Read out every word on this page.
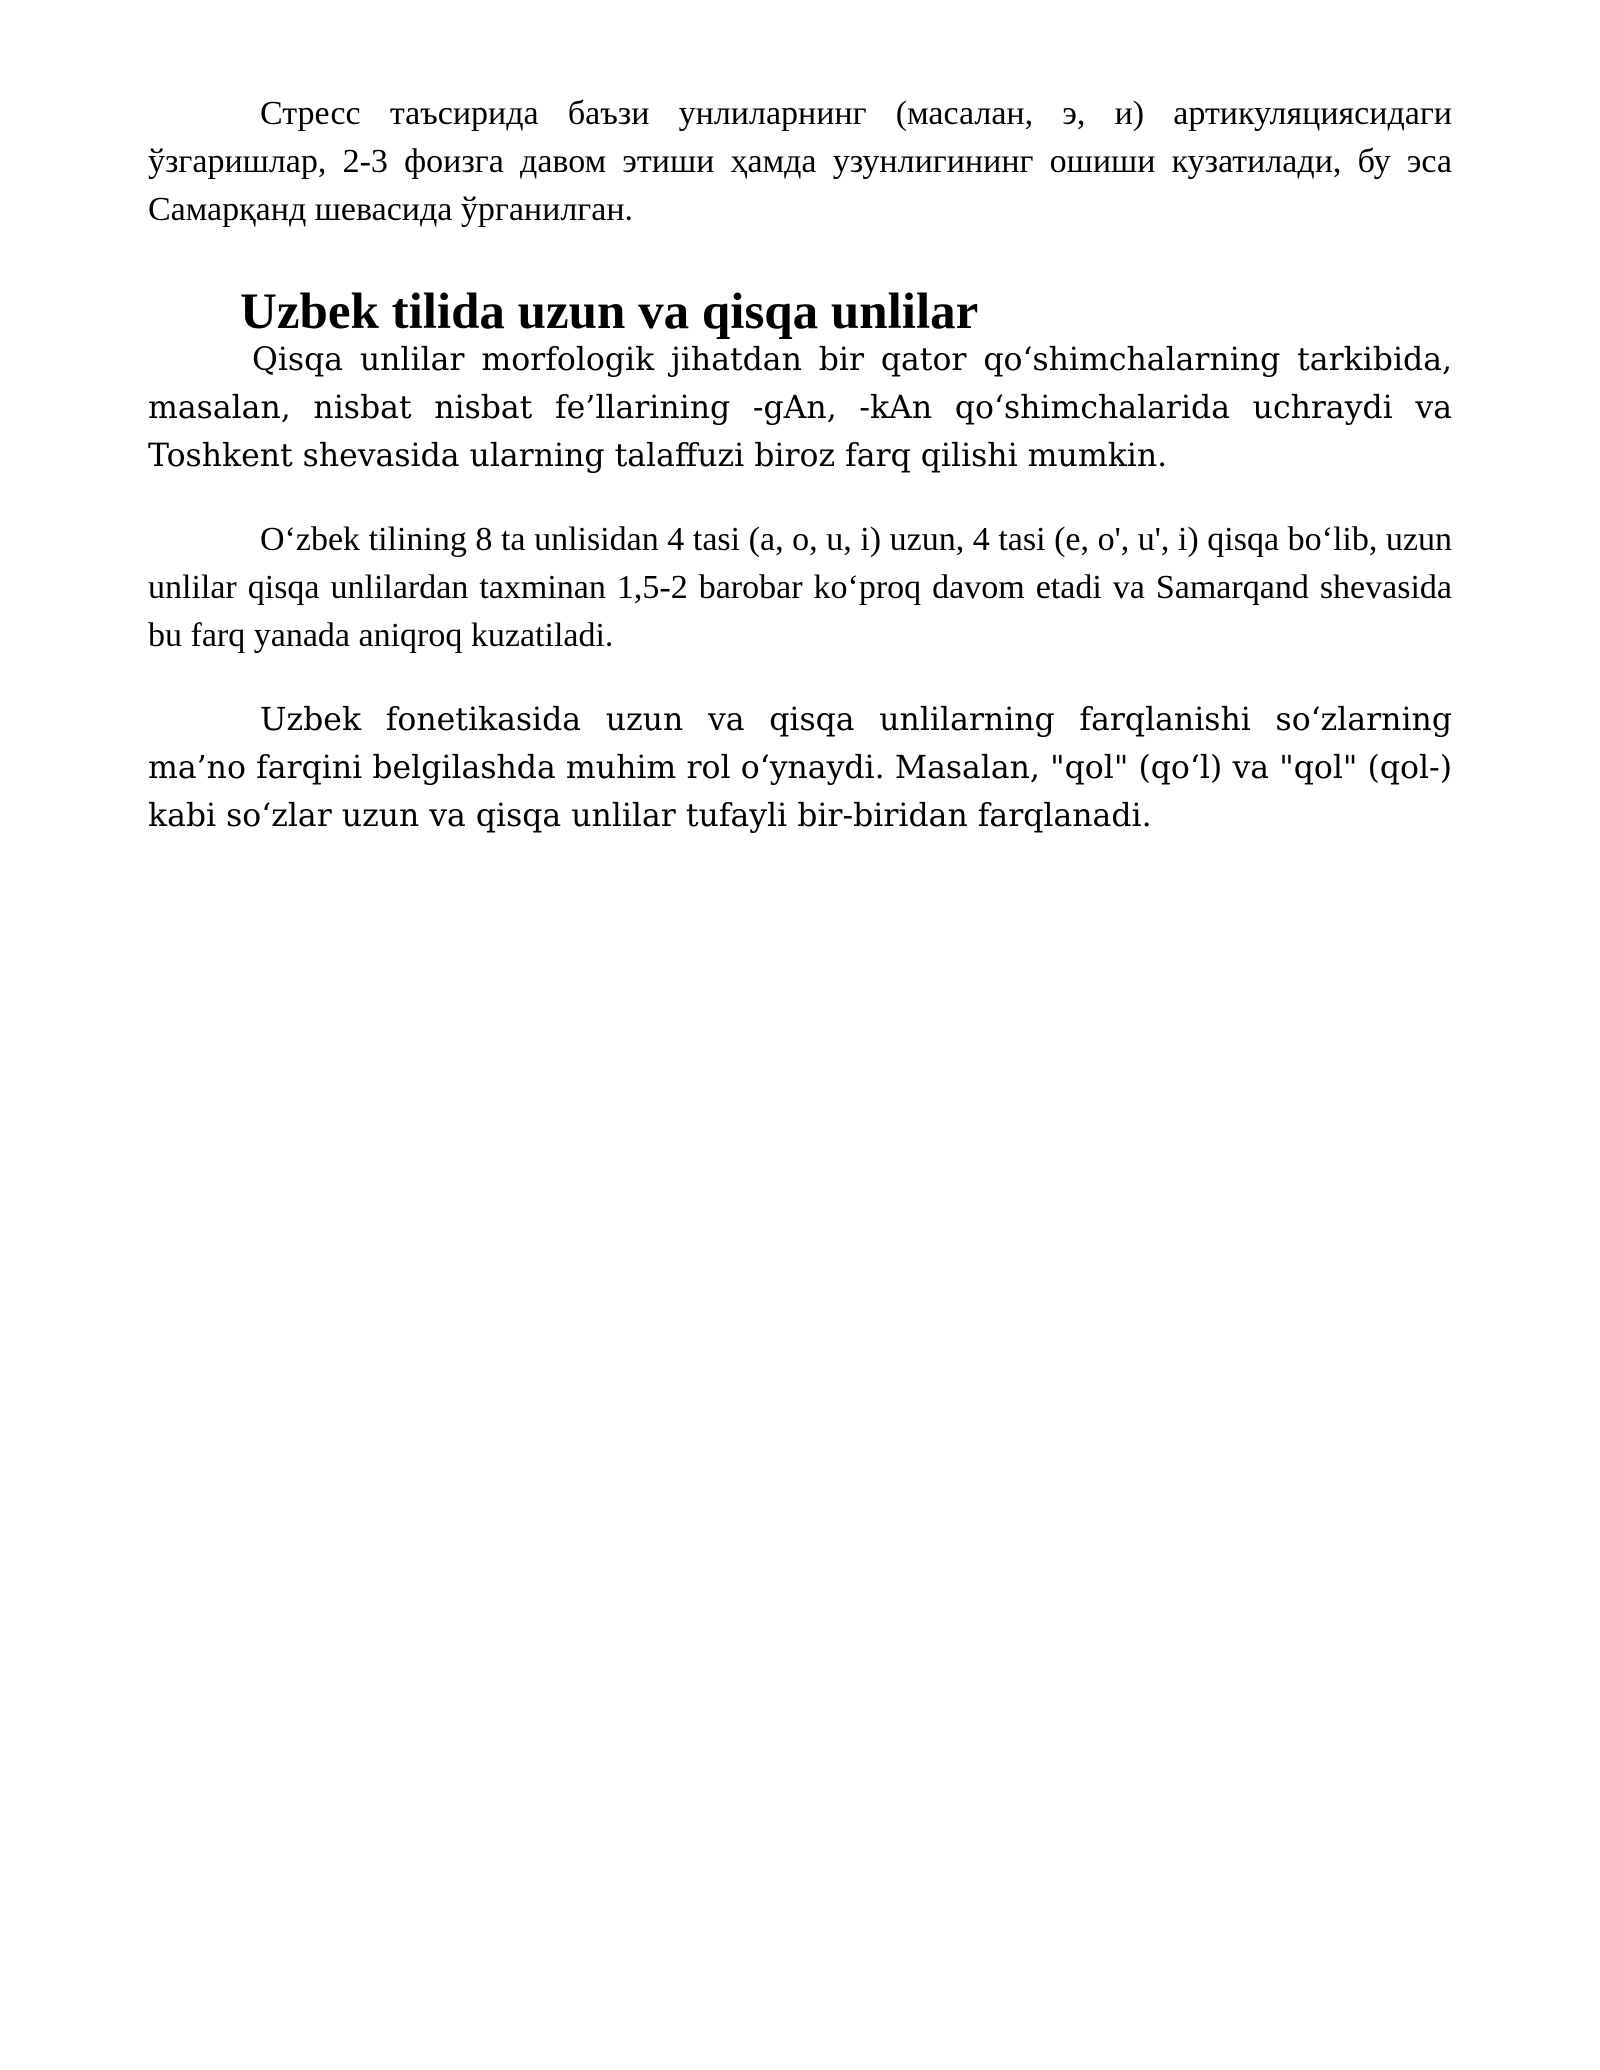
Стресс таъсирида баъзи унлиларнинг (масалан, э, и) артикуляциясидаги ўзгаришлар, 2-3 фоизга давом этиши ҳамда узунлигининг ошиши кузатилади, бу эса Самарқанд шевасида ўрганилган.

Uzbek tilida uzun va qisqa unlilar

Qisqa unlilar morfologik jihatdan bir qator qo‘shimchalarning tarkibida, masalan, nisbat nisbat fe’llarining -gAn, -kAn qo‘shimchalarida uchraydi va Toshkent shevasida ularning talaffuzi biroz farq qilishi mumkin.

O‘zbek tilining 8 ta unlisidan 4 tasi (a, o, u, i) uzun, 4 tasi (e, o', u', i) qisqa bo‘lib, uzun unlilar qisqa unlilardan taxminan 1,5-2 barobar ko‘proq davom etadi va Samarqand shevasida bu farq yanada aniqroq kuzatiladi.

Uzbek fonetikasida uzun va qisqa unlilarning farqlanishi so‘zlarning ma’no farqini belgilashda muhim rol o‘ynaydi. Masalan, "qol" (qo‘l) va "qol" (qol-) kabi so‘zlar uzun va qisqa unlilar tufayli bir-biridan farqlanadi.
